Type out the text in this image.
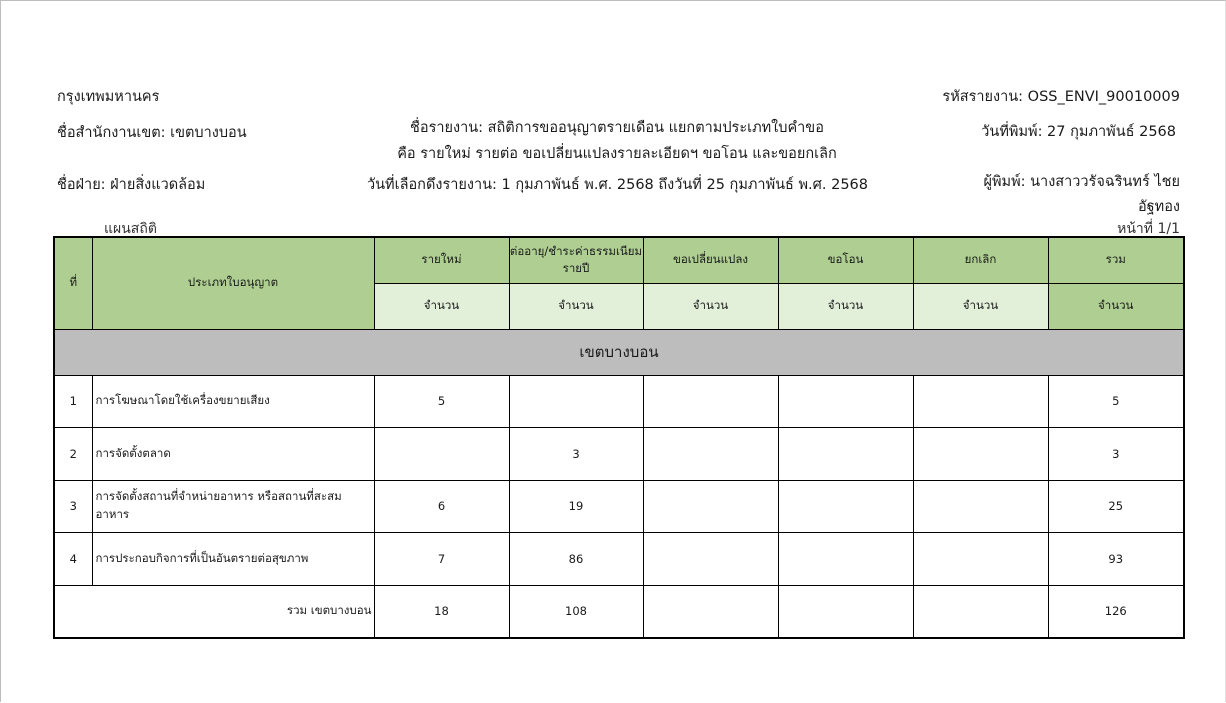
กรุงเทพมหานคร
ชื่อสำนักงานเขต: เขตบางบอน
ชื่อฝ่าย: ฝ่ายสิ่งแวดล้อม
แผนสถิติ
ชื่อรายงาน: สถิติการขออนุญาตรายเดือน แยกตามประเภทใบคำขอ
คือ รายใหม่ รายต่อ ขอเปลี่ยนแปลงรายละเอียดฯ ขอโอน และขอยกเลิก
วันที่เลือกดึงรายงาน: 1 กุมภาพันธ์ พ.ศ. 2568 ถึงวันที่ 25 กุมภาพันธ์ พ.ศ. 2568
รหัสรายงาน: OSS_ENVI_90010009
วันที่พิมพ์: 27 กุมภาพันธ์ 2568
ผู้พิมพ์: นางสาววรัจฉรินทร์ ไชย
อัฐทอง
หน้าที่ 1/1
ที่	ประเภทใบอนุญาต	รายใหม่	ต่ออายุ/ชำระค่าธรรมเนียมรายปี	ขอเปลี่ยนแปลง	ขอโอน	ยกเลิก	รวม
		จำนวน	จำนวน	จำนวน	จำนวน	จำนวน	จำนวน
เขตบางบอน							
1	การโฆษณาโดยใช้เครื่องขยายเสียง	5					5
2	การจัดตั้งตลาด		3				3
3	การจัดตั้งสถานที่จำหน่ายอาหาร หรือสถานที่สะสมอาหาร	6	19				25
4	การประกอบกิจการที่เป็นอันตรายต่อสุขภาพ	7	86				93
รวม เขตบางบอน		18	108				126
